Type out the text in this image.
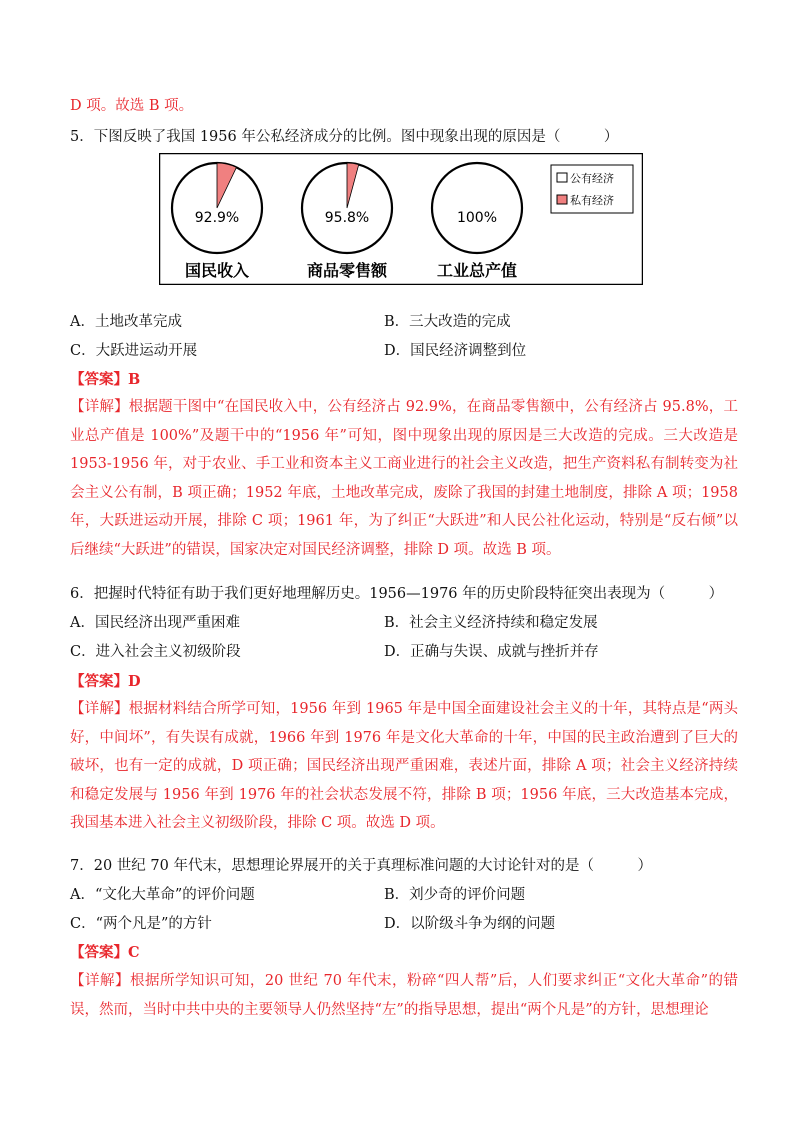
D 项。故选 B 项。
5．下图反映了我国 1956 年公私经济成分的比例。图中现象出现的原因是（　　　）
92.9%
国民收入
95.8%
商品零售额
100%
工业总产值
公有经济
私有经济
A．土地改革完成	B．三大改造的完成
C．大跃进运动开展	D．国民经济调整到位
【答案】B
【详解】根据题干图中“在国民收入中，公有经济占 92.9%，在商品零售额中，公有经济占 95.8%，工业总产值是 100%”及题干中的“1956 年”可知，图中现象出现的原因是三大改造的完成。三大改造是 1953-1956 年，对于农业、手工业和资本主义工商业进行的社会主义改造，把生产资料私有制转变为社会主义公有制，B 项正确；1952 年底，土地改革完成，废除了我国的封建土地制度，排除 A 项；1958 年，大跃进运动开展，排除 C 项；1961 年，为了纠正“大跃进”和人民公社化运动，特别是“反右倾”以后继续“大跃进”的错误，国家决定对国民经济调整，排除 D 项。故选 B 项。
6．把握时代特征有助于我们更好地理解历史。1956—1976 年的历史阶段特征突出表现为（　　　）
A．国民经济出现严重困难	B．社会主义经济持续和稳定发展
C．进入社会主义初级阶段	D．正确与失误、成就与挫折并存
【答案】D
【详解】根据材料结合所学可知，1956 年到 1965 年是中国全面建设社会主义的十年，其特点是“两头好，中间坏”，有失误有成就，1966 年到 1976 年是文化大革命的十年，中国的民主政治遭到了巨大的破坏，也有一定的成就，D 项正确；国民经济出现严重困难，表述片面，排除 A 项；社会主义经济持续和稳定发展与 1956 年到 1976 年的社会状态发展不符，排除 B 项；1956 年底，三大改造基本完成，我国基本进入社会主义初级阶段，排除 C 项。故选 D 项。
7．20 世纪 70 年代末，思想理论界展开的关于真理标准问题的大讨论针对的是（　　　）
A．“文化大革命”的评价问题	B．刘少奇的评价问题
C．“两个凡是”的方针	D．以阶级斗争为纲的问题
【答案】C
【详解】根据所学知识可知，20 世纪 70 年代末，粉碎“四人帮”后，人们要求纠正“文化大革命”的错误，然而，当时中共中央的主要领导人仍然坚持“左”的指导思想，提出“两个凡是”的方针，思想理论
